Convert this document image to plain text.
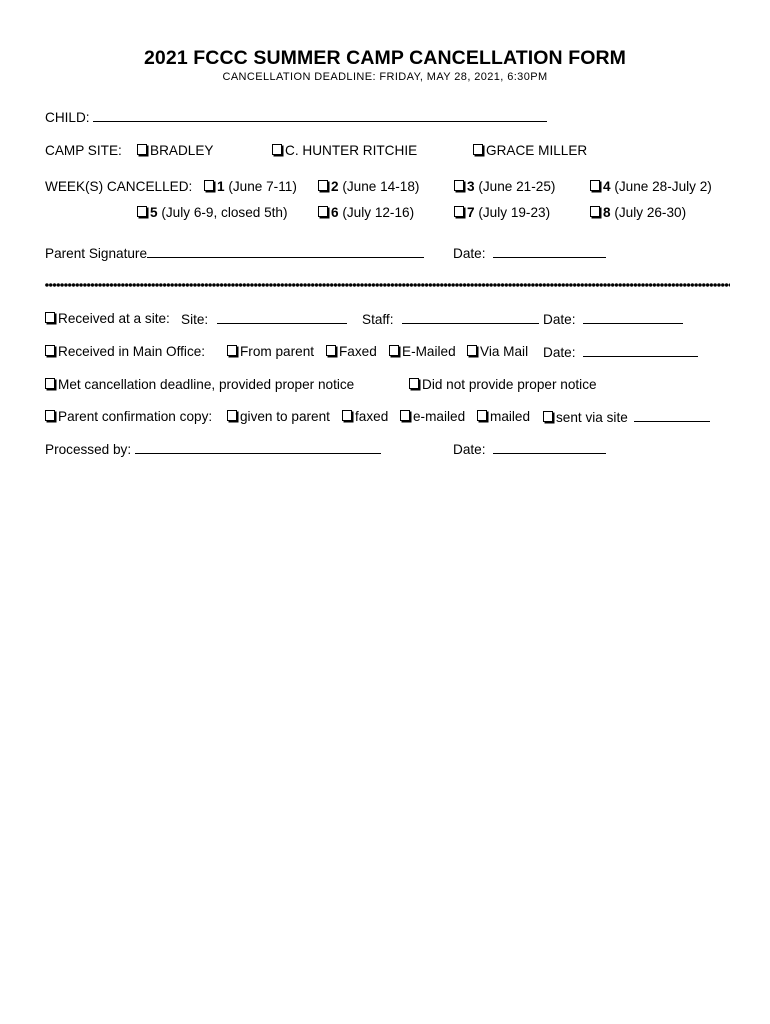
2021 FCCC SUMMER CAMP CANCELLATION FORM
CANCELLATION DEADLINE: FRIDAY, MAY 28, 2021, 6:30PM
CHILD:
CAMP SITE:	BRADLEY	C. HUNTER RITCHIE	GRACE MILLER
WEEK(S) CANCELLED:	1 (June 7-11)	2 (June 14-18)	3 (June 21-25)	4 (June 28-July 2)
5 (July 6-9, closed 5th)	6 (July 12-16)	7 (July 19-23)	8 (July 26-30)
Parent Signature	Date:
Received at a site: Site:	Staff:	Date:
Received in Main Office:	From parent	Faxed	E-Mailed	Via Mail Date:
Met cancellation deadline, provided proper notice	Did not provide proper notice
Parent confirmation copy:	given to parent	faxed	e-mailed	mailed	sent via site
Processed by:	Date:
